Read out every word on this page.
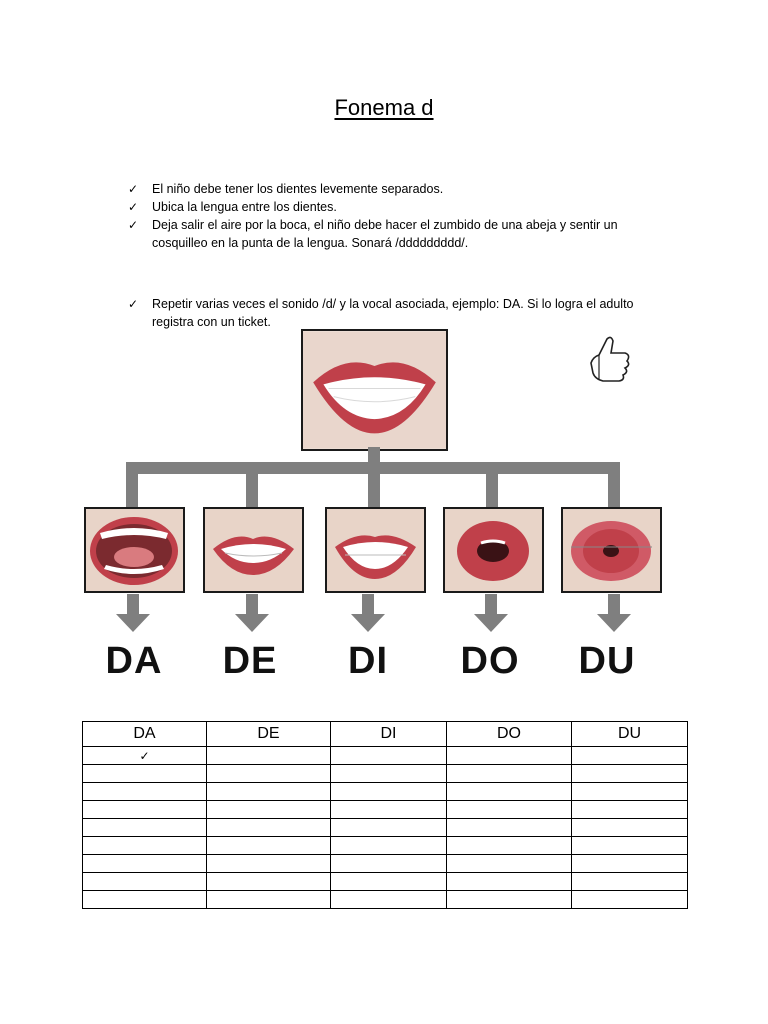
Fonema d
✓ El niño debe tener los dientes levemente separados.
✓ Ubica la lengua entre los dientes.
✓ Deja salir el aire por la boca, el niño debe hacer el zumbido de una abeja y sentir un cosquilleo en la punta de la lengua. Sonará /ddddddddd/.
✓ Repetir varias veces el sonido /d/ y la vocal asociada, ejemplo: DA. Si lo logra el adulto registra con un ticket.
DA	DE	DI	DO	DU
DA	DE	DI	DO	DU
✓				
